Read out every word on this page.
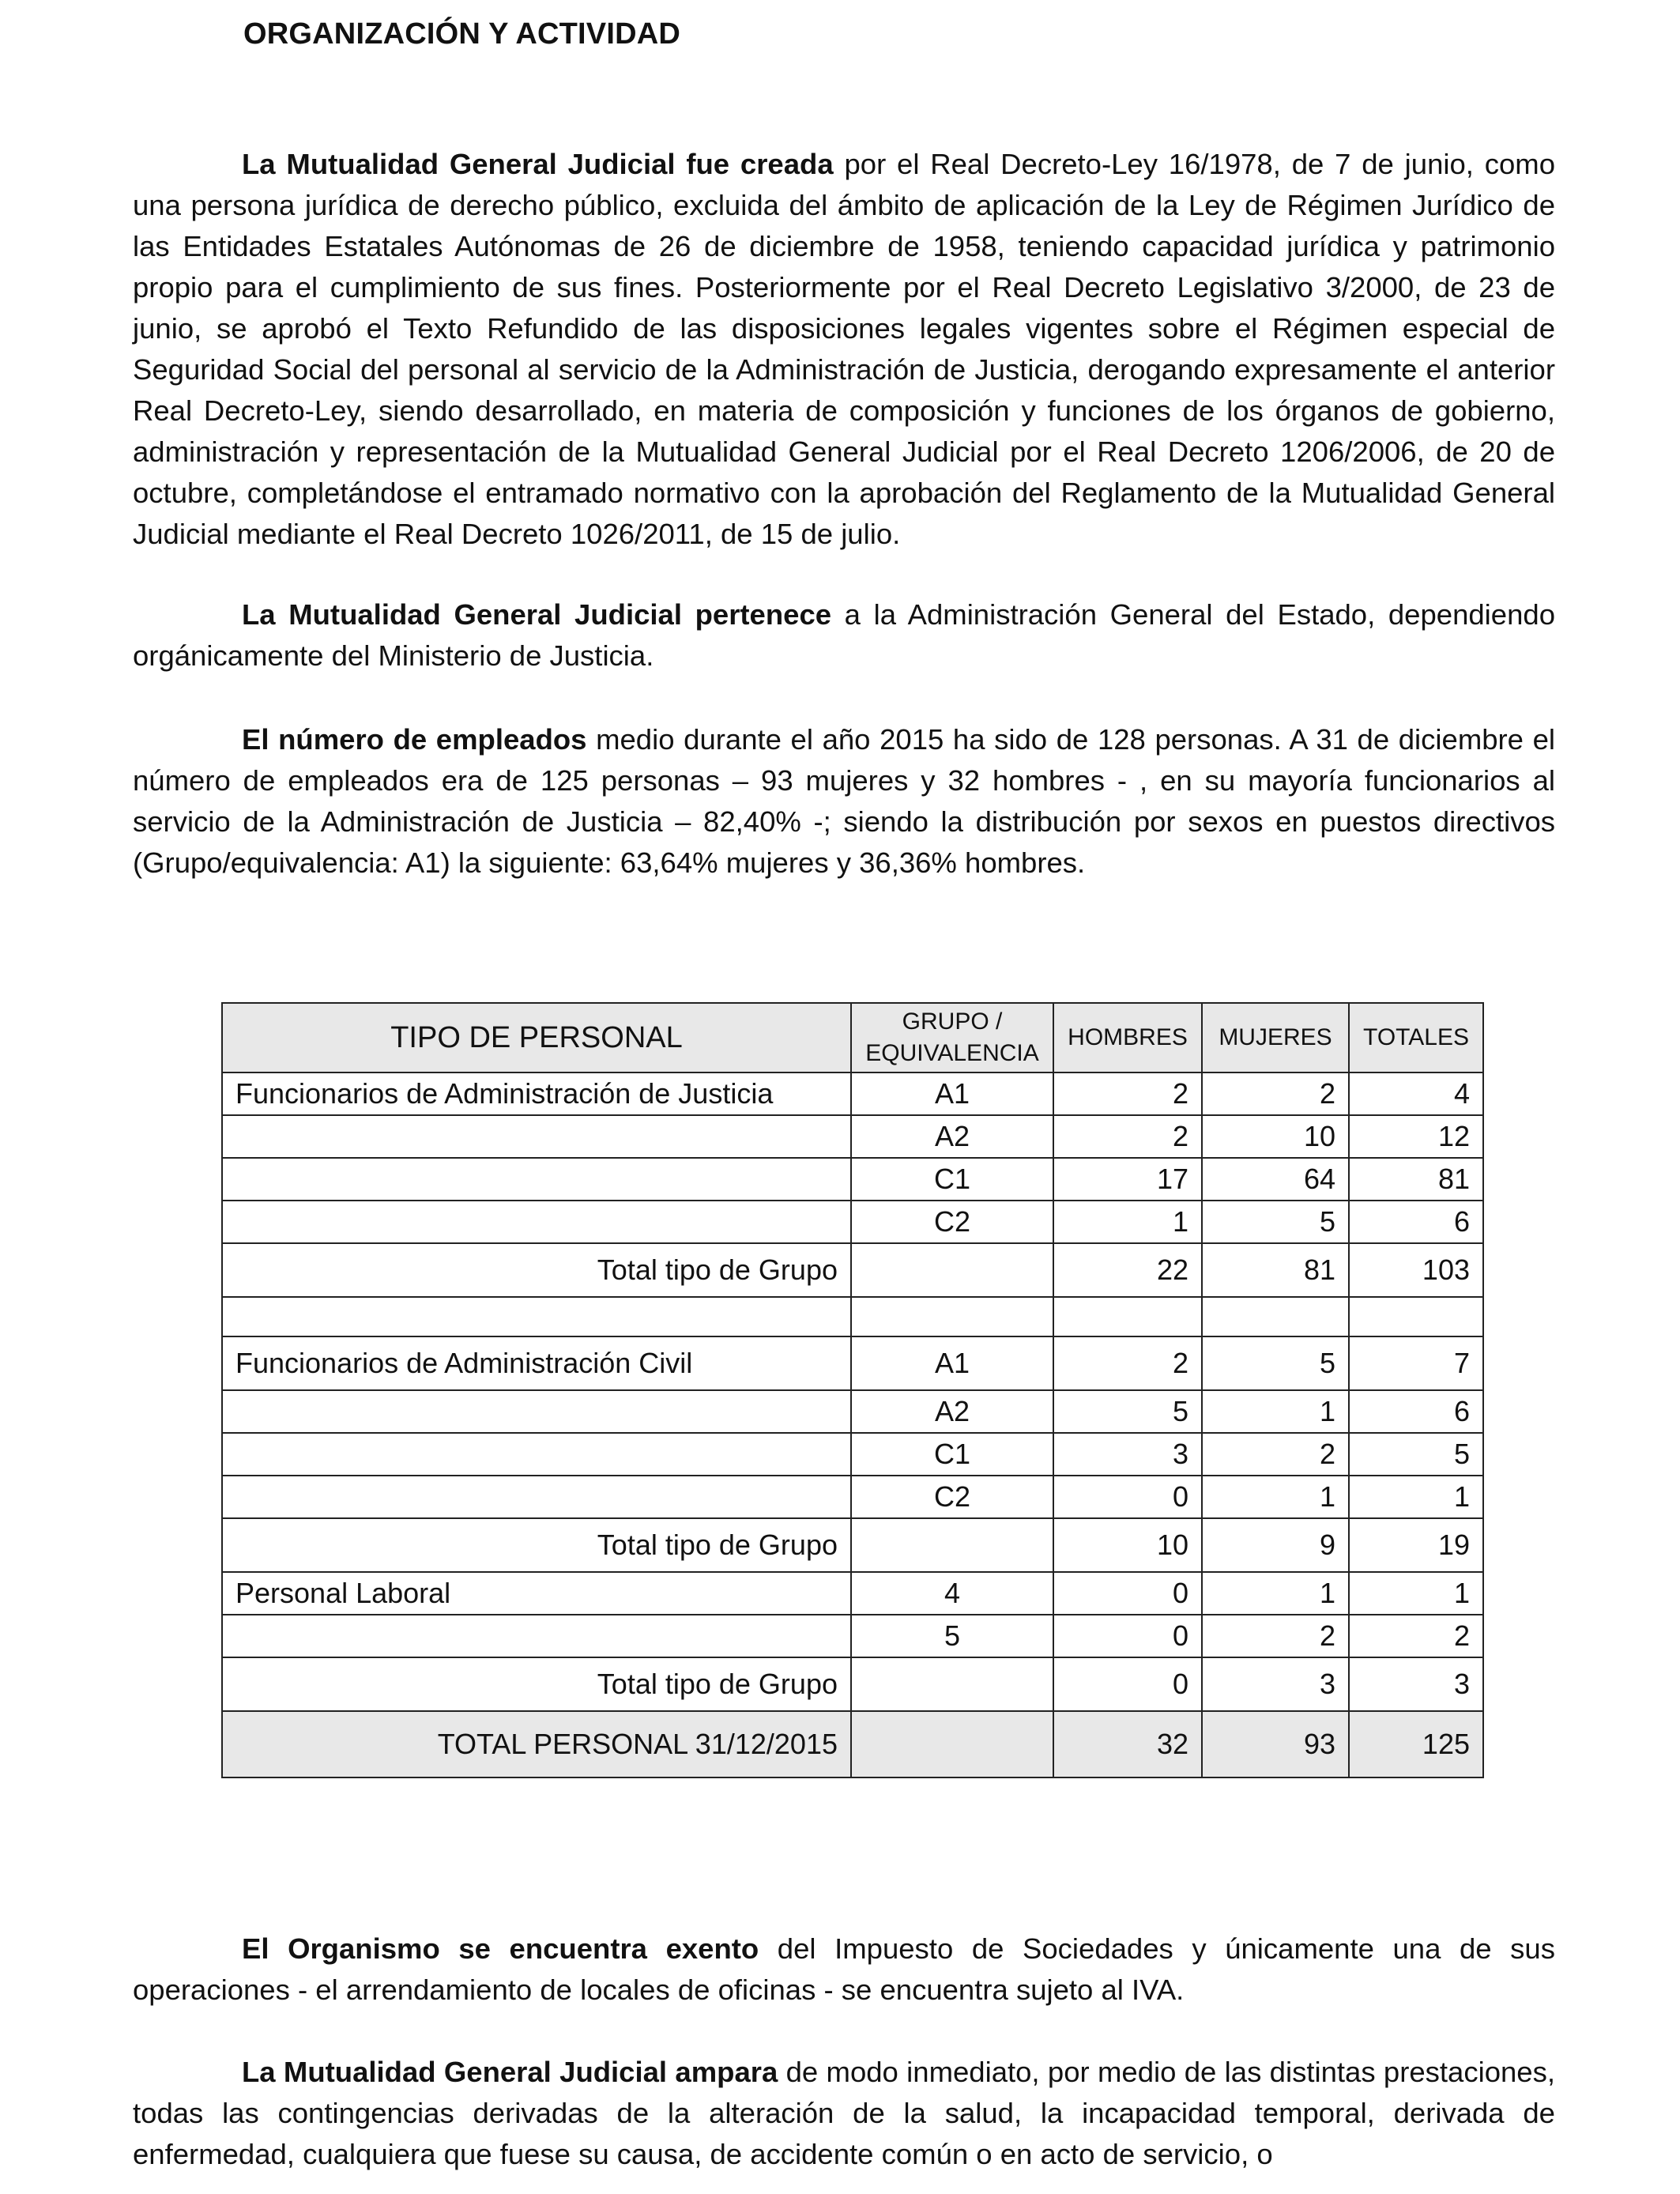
ORGANIZACIÓN Y ACTIVIDAD

La Mutualidad General Judicial fue creada por el Real Decreto-Ley 16/1978, de 7 de junio, como una persona jurídica de derecho público, excluida del ámbito de aplicación de la Ley de Régimen Jurídico de las Entidades Estatales Autónomas de 26 de diciembre de 1958, teniendo capacidad jurídica y patrimonio propio para el cumplimiento de sus fines. Posteriormente por el Real Decreto Legislativo 3/2000, de 23 de junio, se aprobó el Texto Refundido de las disposiciones legales vigentes sobre el Régimen especial de Seguridad Social del personal al servicio de la Administración de Justicia, derogando expresamente el anterior Real Decreto-Ley, siendo desarrollado, en materia de composición y funciones de los órganos de gobierno, administración y representación de la Mutualidad General Judicial por el Real Decreto 1206/2006, de 20 de octubre, completándose el entramado normativo con la aprobación del Reglamento de la Mutualidad General Judicial mediante el Real Decreto 1026/2011, de 15 de julio.

La Mutualidad General Judicial pertenece a la Administración General del Estado, dependiendo orgánicamente del Ministerio de Justicia.

El número de empleados medio durante el año 2015 ha sido de 128 personas. A 31 de diciembre el número de empleados era de 125 personas – 93 mujeres y 32 hombres - , en su mayoría funcionarios al servicio de la Administración de Justicia – 82,40% -; siendo la distribución por sexos en puestos directivos (Grupo/equivalencia: A1) la siguiente: 63,64% mujeres y 36,36% hombres.

TIPO DE PERSONAL	GRUPO / EQUIVALENCIA	HOMBRES	MUJERES	TOTALES
Funcionarios de Administración de Justicia	A1	2	2	4
	A2	2	10	12
	C1	17	64	81
	C2	1	5	6
Total tipo de Grupo		22	81	103

Funcionarios de Administración Civil	A1	2	5	7
	A2	5	1	6
	C1	3	2	5
	C2	0	1	1
Total tipo de Grupo		10	9	19
Personal Laboral	4	0	1	1
	5	0	2	2
Total tipo de Grupo		0	3	3
TOTAL PERSONAL 31/12/2015		32	93	125

El Organismo se encuentra exento del Impuesto de Sociedades y únicamente una de sus operaciones - el arrendamiento de locales de oficinas - se encuentra sujeto al IVA.

La Mutualidad General Judicial ampara de modo inmediato, por medio de las distintas prestaciones, todas las contingencias derivadas de la alteración de la salud, la incapacidad temporal, derivada de enfermedad, cualquiera que fuese su causa, de accidente común o en acto de servicio, o
